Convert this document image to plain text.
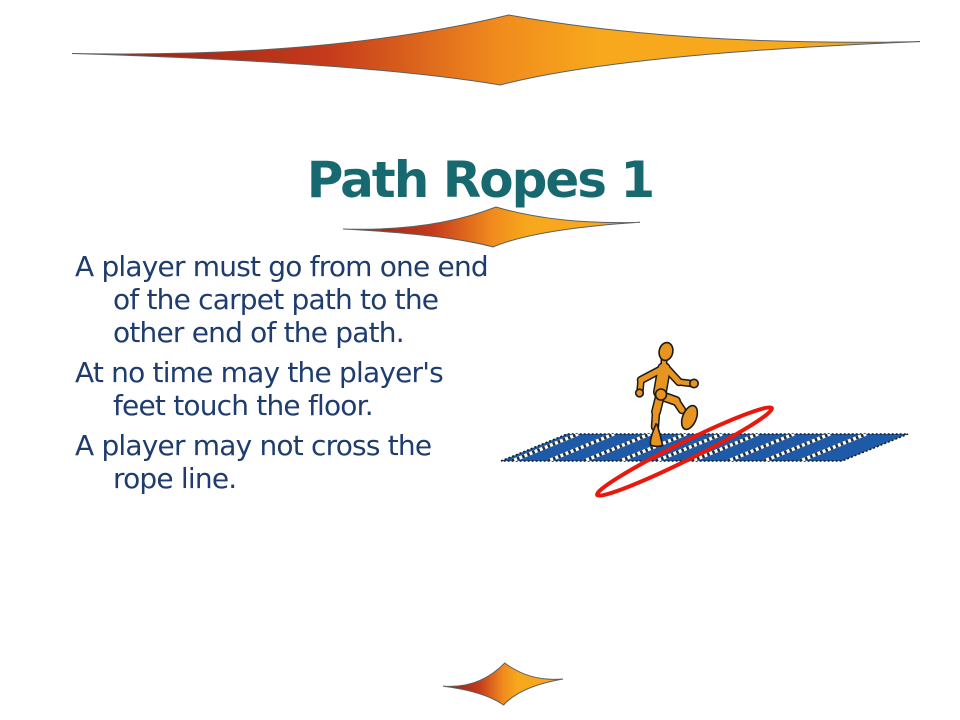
Path Ropes 1
A player must go from one end
of the carpet path to the
other end of the path.
At no time may the player's
feet touch the floor.
A player may not cross the
rope line.
